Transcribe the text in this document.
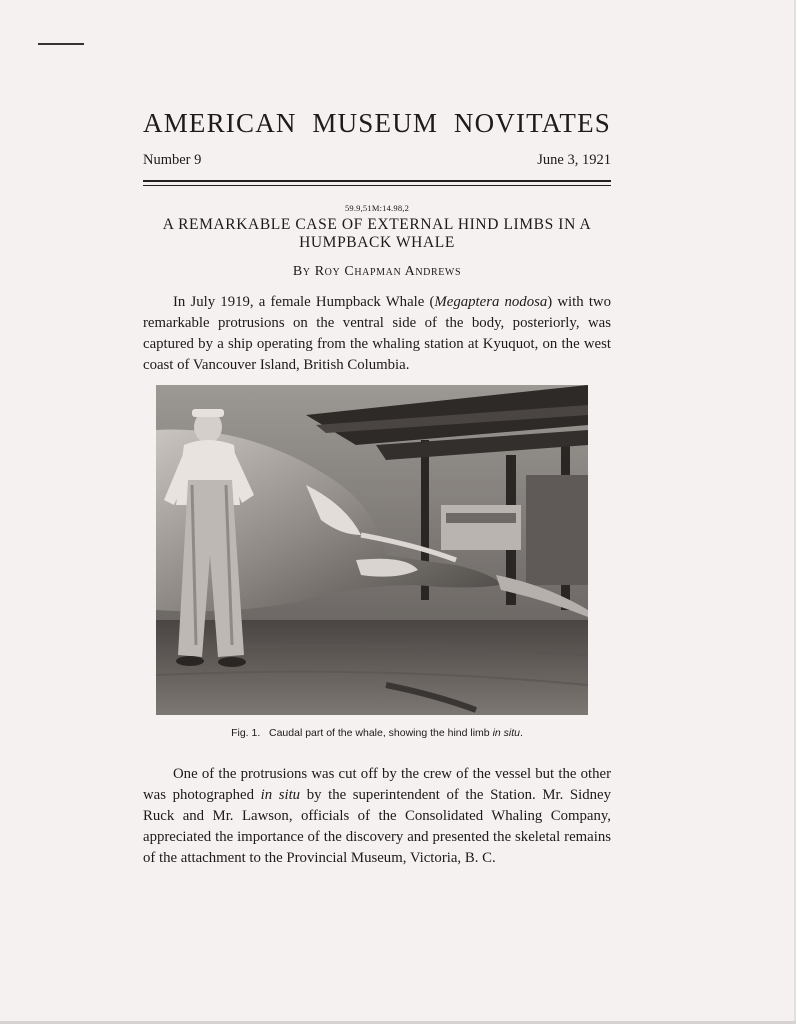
AMERICAN MUSEUM NOVITATES
Number 9	June 3, 1921
59.9,51M:14.98,2
A REMARKABLE CASE OF EXTERNAL HIND LIMBS IN A
HUMPBACK WHALE
By Roy Chapman Andrews

In July 1919, a female Humpback Whale (Megaptera nodosa) with two remarkable protrusions on the ventral side of the body, posteriorly, was captured by a ship operating from the whaling station at Kyuquot, on the west coast of Vancouver Island, British Columbia.

Fig. 1.   Caudal part of the whale, showing the hind limb in situ.

One of the protrusions was cut off by the crew of the vessel but the other was photographed in situ by the superintendent of the Station. Mr. Sidney Ruck and Mr. Lawson, officials of the Consolidated Whaling Company, appreciated the importance of the discovery and presented the skeletal remains of the attachment to the Provincial Museum, Victoria, B. C.
